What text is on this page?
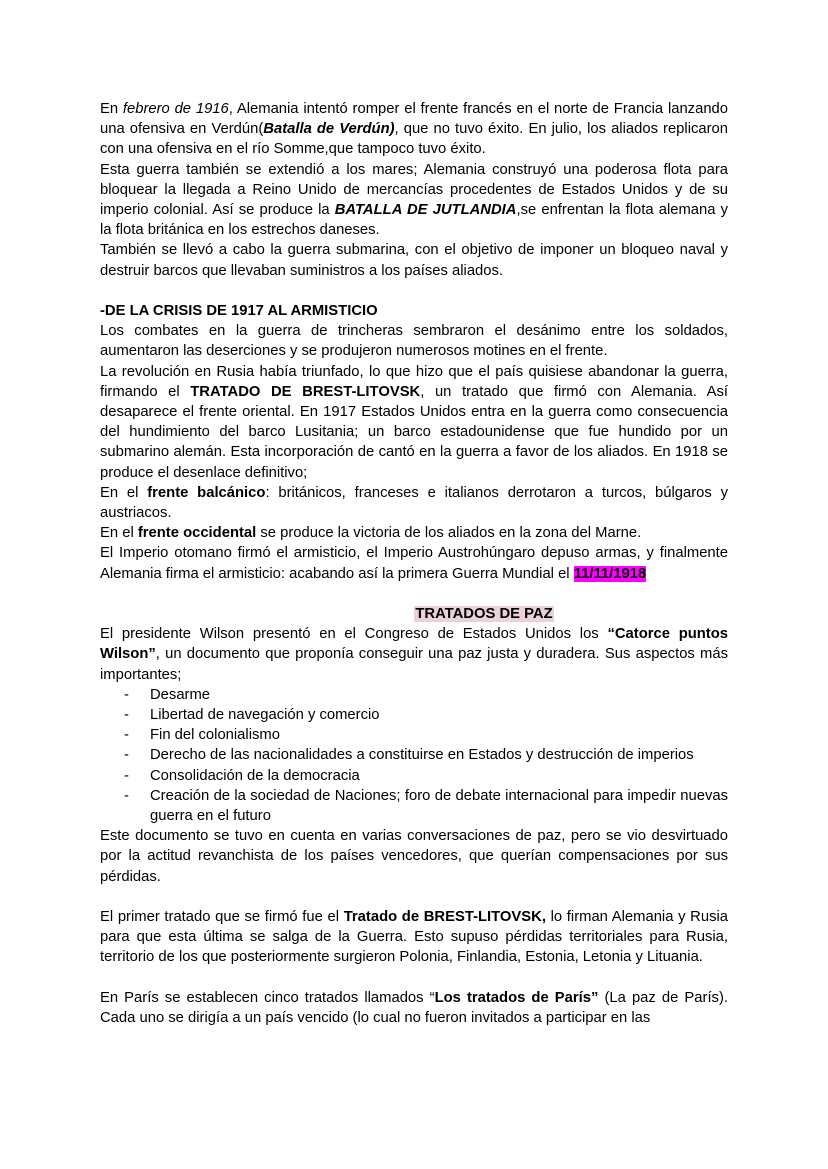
En febrero de 1916, Alemania intentó romper el frente francés en el norte de Francia lanzando una ofensiva en Verdún(Batalla de Verdún), que no tuvo éxito. En julio, los aliados replicaron con una ofensiva en el río Somme,que tampoco tuvo éxito.

Esta guerra también se extendió a los mares; Alemania construyó una poderosa flota para bloquear la llegada a Reino Unido de mercancías procedentes de Estados Unidos y de su imperio colonial. Así se produce la BATALLA DE JUTLANDIA,se enfrentan la flota alemana y la flota británica en los estrechos daneses.

También se llevó a cabo la guerra submarina, con el objetivo de imponer un bloqueo naval y destruir barcos que llevaban suministros a los países aliados.

-DE LA CRISIS DE 1917 AL ARMISTICIO

Los combates en la guerra de trincheras sembraron el desánimo entre los soldados, aumentaron las deserciones y se produjeron numerosos motines en el frente.

La revolución en Rusia había triunfado, lo que hizo que el país quisiese abandonar la guerra, firmando el TRATADO DE BREST-LITOVSK, un tratado que firmó con Alemania. Así desaparece el frente oriental. En 1917 Estados Unidos entra en la guerra como consecuencia del hundimiento del barco Lusitania; un barco estadounidense que fue hundido por un submarino alemán. Esta incorporación de cantó en la guerra a favor de los aliados. En 1918 se produce el desenlace definitivo;

En el frente balcánico: británicos, franceses e italianos derrotaron a turcos, búlgaros y austriacos.

En el frente occidental se produce la victoria de los aliados en la zona del Marne.

El Imperio otomano firmó el armisticio, el Imperio Austrohúngaro depuso armas, y finalmente Alemania firma el armisticio: acabando así la primera Guerra Mundial el 11/11/1918

TRATADOS DE PAZ

El presidente Wilson presentó en el Congreso de Estados Unidos los “Catorce puntos Wilson”, un documento que proponía conseguir una paz justa y duradera. Sus aspectos más importantes;

- Desarme
- Libertad de navegación y comercio
- Fin del colonialismo
- Derecho de las nacionalidades a constituirse en Estados y destrucción de imperios
- Consolidación de la democracia
- Creación de la sociedad de Naciones; foro de debate internacional para impedir nuevas guerra en el futuro

Este documento se tuvo en cuenta en varias conversaciones de paz, pero se vio desvirtuado por la actitud revanchista de los países vencedores, que querían compensaciones por sus pérdidas.

El primer tratado que se firmó fue el Tratado de BREST-LITOVSK, lo firman Alemania y Rusia para que esta última se salga de la Guerra. Esto supuso pérdidas territoriales para Rusia, territorio de los que posteriormente surgieron Polonia, Finlandia, Estonia, Letonia y Lituania.

En París se establecen cinco tratados llamados “Los tratados de París” (La paz de París). Cada uno se dirigía a un país vencido (lo cual no fueron invitados a participar en las
